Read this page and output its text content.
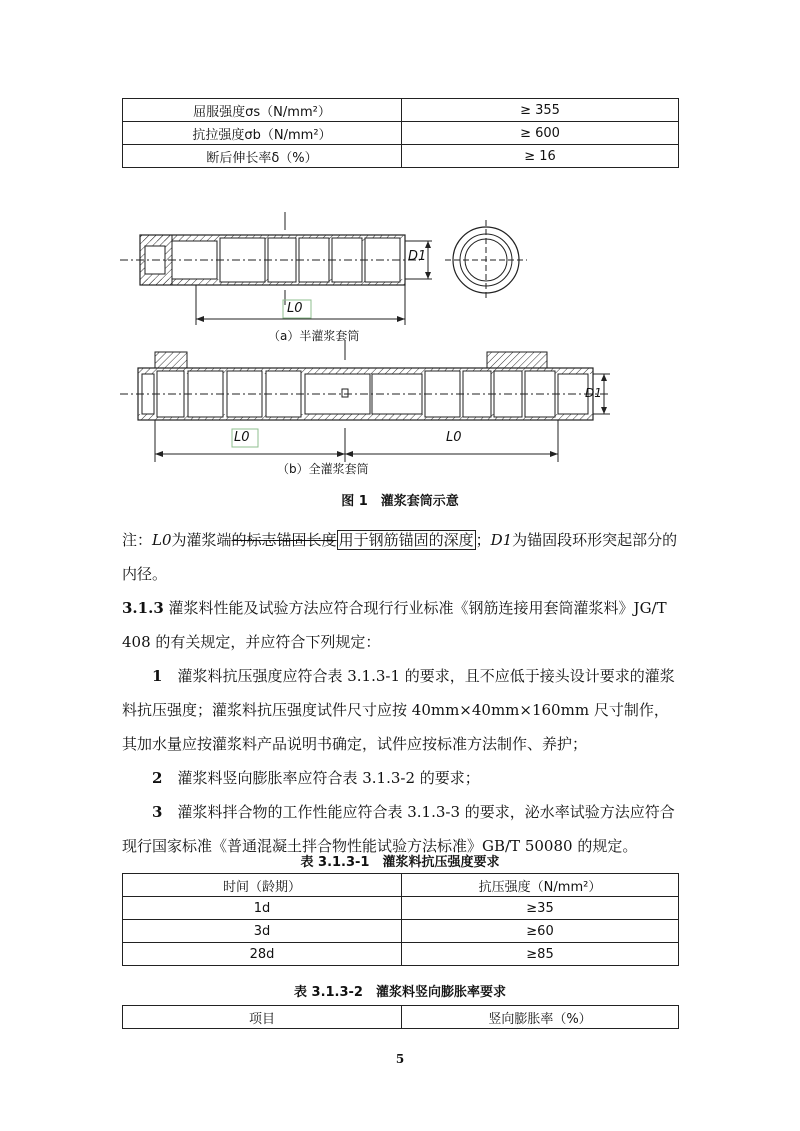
屈服强度σs（N/mm²）	≥ 355
抗拉强度σb（N/mm²）	≥ 600
断后伸长率δ（%）	≥ 16
D1
L0
（a）半灌浆套筒
D1
L0	L0
（b）全灌浆套筒
图 1　灌浆套筒示意
注：L0为灌浆端的标志锚固长度 用于钢筋锚固的深度 ；D1为锚固段环形突起部分的内径。
3.1.3 灌浆料性能及试验方法应符合现行行业标准《钢筋连接用套筒灌浆料》JG/T 408 的有关规定，并应符合下列规定：
1　 灌浆料抗压强度应符合表 3.1.3-1 的要求，且不应低于接头设计要求的灌浆料抗压强度；灌浆料抗压强度试件尺寸应按 40mm×40mm×160mm 尺寸制作，其加水量应按灌浆料产品说明书确定，试件应按标准方法制作、养护；
2　 灌浆料竖向膨胀率应符合表 3.1.3-2 的要求；
3　 灌浆料拌合物的工作性能应符合表 3.1.3-3 的要求，泌水率试验方法应符合现行国家标准《普通混凝土拌合物性能试验方法标准》GB/T 50080 的规定。
表 3.1.3-1　灌浆料抗压强度要求
时间（龄期）	抗压强度（N/mm²）
1d	≥35
3d	≥60
28d	≥85
表 3.1.3-2　灌浆料竖向膨胀率要求
项目	竖向膨胀率（%）
5
